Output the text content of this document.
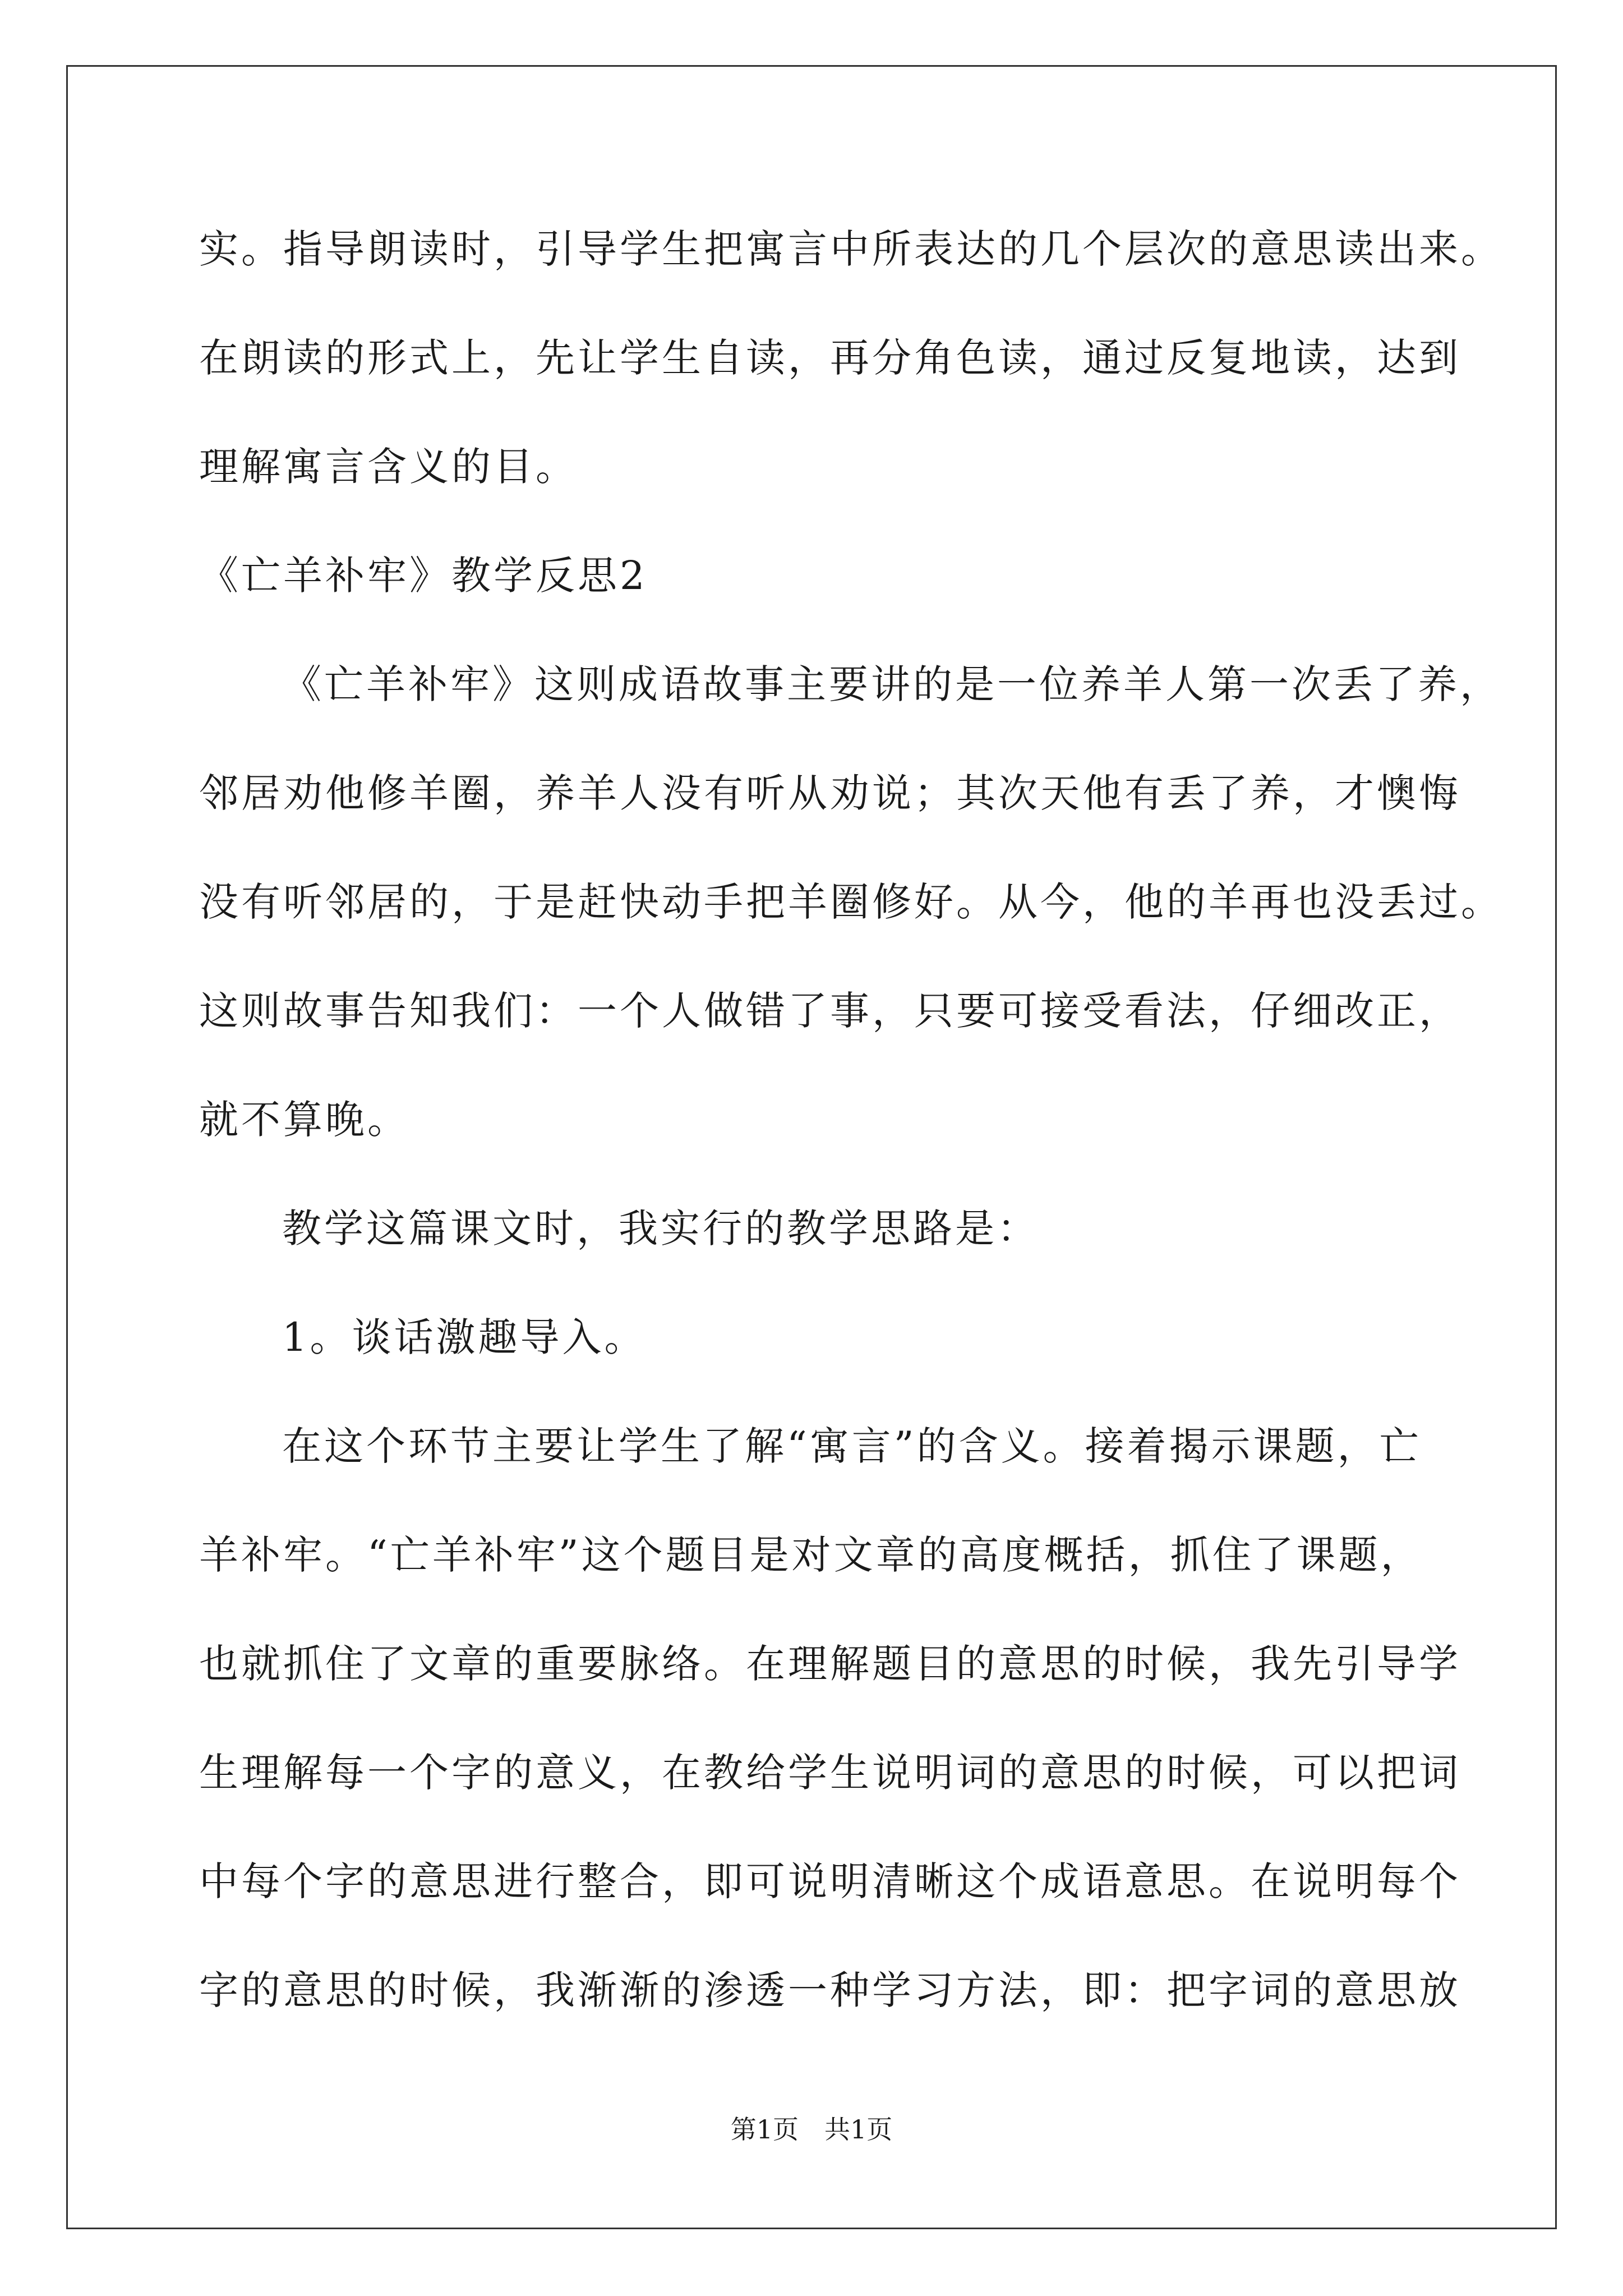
实。指导朗读时，引导学生把寓言中所表达的几个层次的意思读出来。
在朗读的形式上，先让学生自读，再分角色读，通过反复地读，达到
理解寓言含义的目。
《亡羊补牢》教学反思2
《亡羊补牢》这则成语故事主要讲的是一位养羊人第一次丢了养，
邻居劝他修羊圈，养羊人没有听从劝说；其次天他有丢了养，才懊悔
没有听邻居的，于是赶快动手把羊圈修好。从今，他的羊再也没丢过。
这则故事告知我们：一个人做错了事，只要可接受看法，仔细改正，
就不算晚。
教学这篇课文时，我实行的教学思路是：
1。谈话激趣导入。
在这个环节主要让学生了解“寓言”的含义。接着揭示课题，亡
羊补牢。“亡羊补牢”这个题目是对文章的高度概括，抓住了课题，
也就抓住了文章的重要脉络。在理解题目的意思的时候，我先引导学
生理解每一个字的意义，在教给学生说明词的意思的时候，可以把词
中每个字的意思进行整合，即可说明清晰这个成语意思。在说明每个
字的意思的时候，我渐渐的渗透一种学习方法，即：把字词的意思放
第1页　共1页
